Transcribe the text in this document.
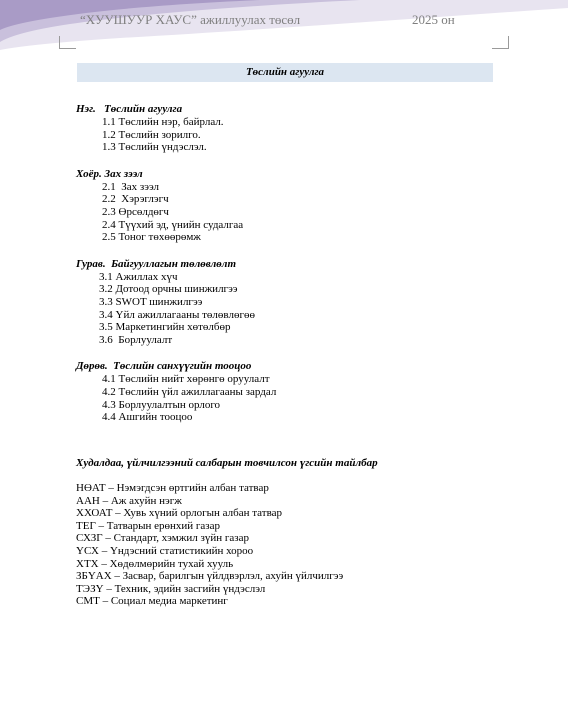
“ХУУШУУР ХАУС” ажиллуулах төсөл	2025 он
Төслийн агуулга
Нэг.   Төслийн агуулга
1.1 Төслийн нэр, байрлал.
1.2 Төслийн зорилго.
1.3 Төслийн үндэслэл.
Хоёр. Зах зээл
2.1  Зах зээл
2.2  Хэрэглэгч
2.3 Өрсөлдөгч
2.4 Түүхий эд, үнийн судалгаа
2.5 Тоног төхөөрөмж
Гурав.  Байгууллагын төлөвлөлт
3.1 Ажиллах хүч
3.2 Дотоод орчны шинжилгээ
3.3 SWOT шинжилгээ
3.4 Үйл ажиллагааны төлөвлөгөө
3.5 Маркетингийн хөтөлбөр
3.6  Борлуулалт
Дөрөв.  Төслийн санхүүгийн тооцоо
4.1 Төслийн нийт хөрөнгө оруулалт
4.2 Төслийн үйл ажиллагааны зардал
4.3 Борлуулалтын орлого
4.4 Ашгийн тооцоо
Худалдаа, үйлчилгээний салбарын товчилсон үгсийн тайлбар
НӨАТ – Нэмэгдсэн өртгийн албан татвар
ААН – Аж ахуйн нэгж
ХХОАТ – Хувь хүний орлогын албан татвар
ТЕГ – Татварын ерөнхий газар
СХЗГ – Стандарт, хэмжил зүйн газар
ҮСХ – Үндэсний статистикийн хороо
ХТХ – Хөдөлмөрийн тухай хууль
ЗБҮАХ – Засвар, барилгын үйлдвэрлэл, ахуйн үйлчилгээ
ТЭЗҮ – Техник, эдийн засгийн үндэслэл
СМТ – Социал медиа маркетинг
